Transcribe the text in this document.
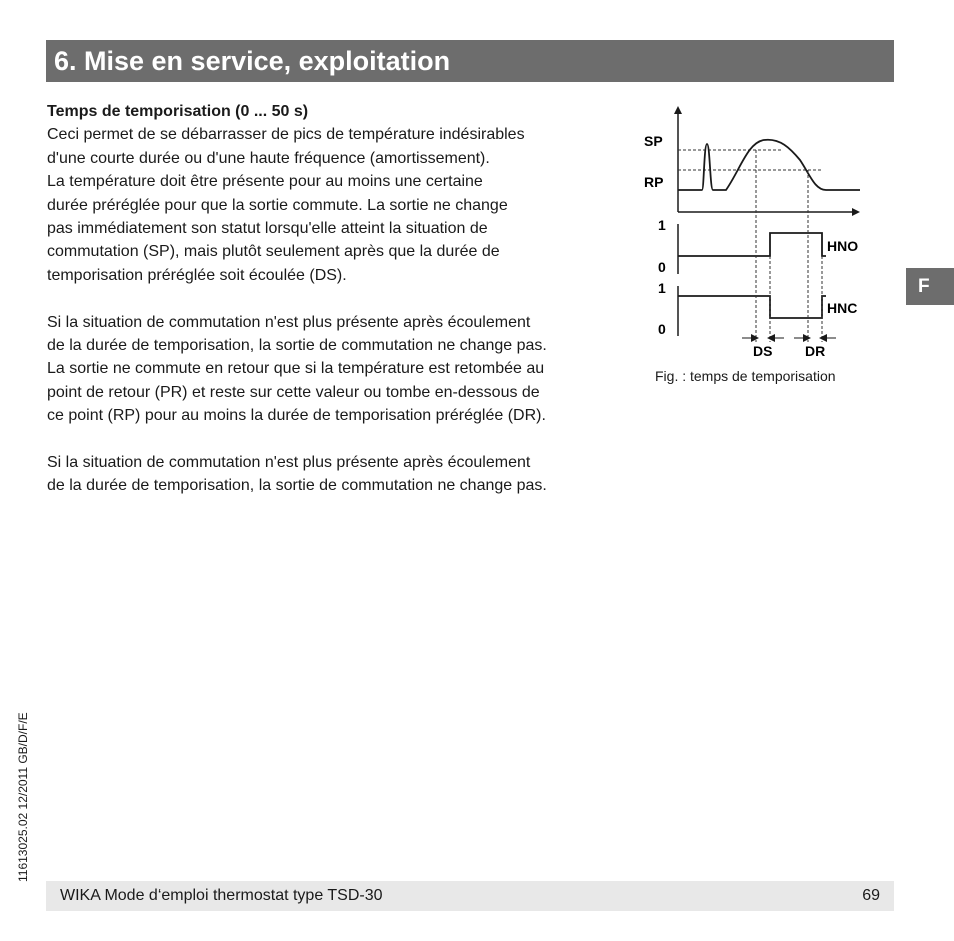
6. Mise en service, exploitation

Temps de temporisation (0 ... 50 s)

Ceci permet de se débarrasser de pics de température indésirables

d'une courte durée ou d'une haute fréquence (amortissement).

La température doit être présente pour au moins une certaine

durée préréglée pour que la sortie commute. La sortie ne change

pas immédiatement son statut lorsqu'elle atteint la situation de

commutation (SP), mais plutôt seulement après que la durée de

temporisation préréglée soit écoulée (DS).

Si la situation de commutation n'est plus présente après écoulement

de la durée de temporisation, la sortie de commutation ne change pas.

La sortie ne commute en retour que si la température est retombée au

point de retour (PR) et reste sur cette valeur ou tombe en-dessous de

ce point (RP) pour au moins la durée de temporisation préréglée (DR).

Si la situation de commutation n'est plus présente après écoulement

de la durée de temporisation, la sortie de commutation ne change pas.

SP
RP
1
0
1
0
HNO
HNC
DS DR
Fig. : temps de temporisation
F
11613025.02 12/2011 GB/D/F/E
WIKA Mode d‘emploi thermostat type TSD-30	69
